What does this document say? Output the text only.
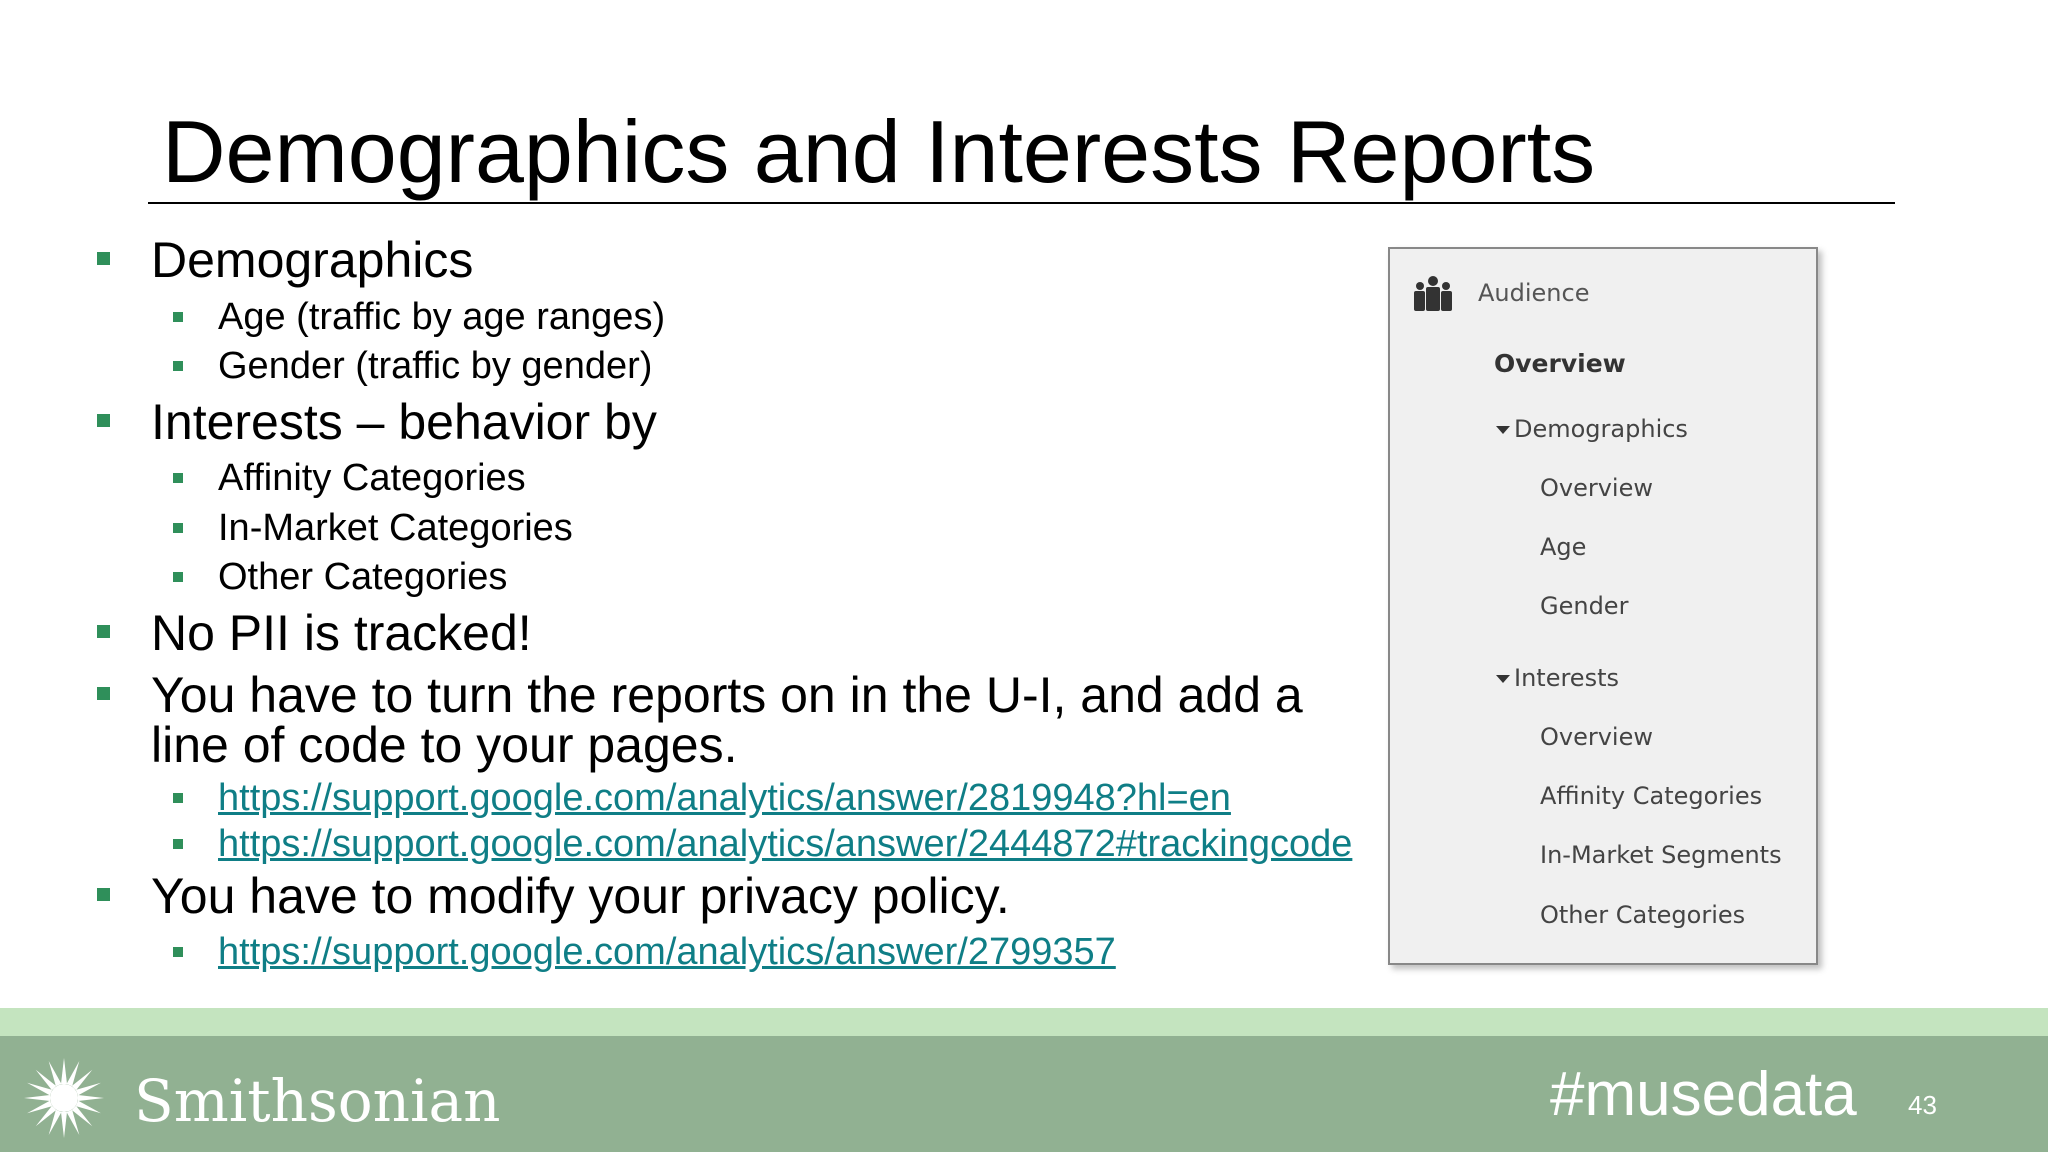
Demographics and Interests Reports
Demographics
Age (traffic by age ranges)
Gender (traffic by gender)
Interests – behavior by
Affinity Categories
In-Market Categories
Other Categories
No PII is tracked!
You have to turn the reports on in the U-I, and add a line of code to your pages.
https://support.google.com/analytics/answer/2819948?hl=en
https://support.google.com/analytics/answer/2444872#trackingcode
You have to modify your privacy policy.
https://support.google.com/analytics/answer/2799357
Audience
Overview
Demographics
Overview
Age
Gender
Interests
Overview
Affinity Categories
In-Market Segments
Other Categories
Smithsonian	#musedata 43
